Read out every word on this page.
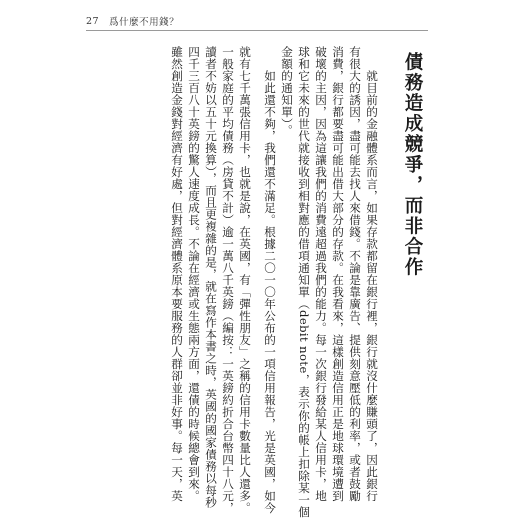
27 爲什麼不用錢？
債務造成競爭，而非合作
　　就目前的金融體系而言，如果存款都留在銀行裡，銀行就沒什麼賺頭了，因此銀行
有很大的誘因，盡可能去找人來借錢。不論是靠廣告、提供刻意壓低的利率，或者鼓勵
消費，銀行都要盡可能出借大部分的存款。在我看來，這樣創造信用正是地球環境遭到
破壞的主因，因為這讓我們的消費遠超過我們的能力。每一次銀行發給某人信用卡，地
球和它未來的世代就接收到相對應的借項通知單（debit note，表示你的帳上扣除某一個
金額的通知單）。
　　如此還不夠，我們還不滿足。根據二〇一〇年公布的一項信用報告，光是英國，如今
就有七千萬張信用卡，也就是說，在英國，有「彈性朋友」之稱的信用卡數量比人還多。
一般家庭的平均債務（房貸不計）逾一萬八千英鎊（編按：一英鎊約折合台幣四十八元，
讀者不妨以五十元換算），而且更複雜的是，就在寫作本書之時，英國的國家債務以每秒
四千三百八十英鎊的驚人速度成長。不論在經濟或生態兩方面，還債的時候總會到來。
雖然創造金錢對經濟有好處，但對經濟體系原本要服務的人群卻並非好事。每一天，英
